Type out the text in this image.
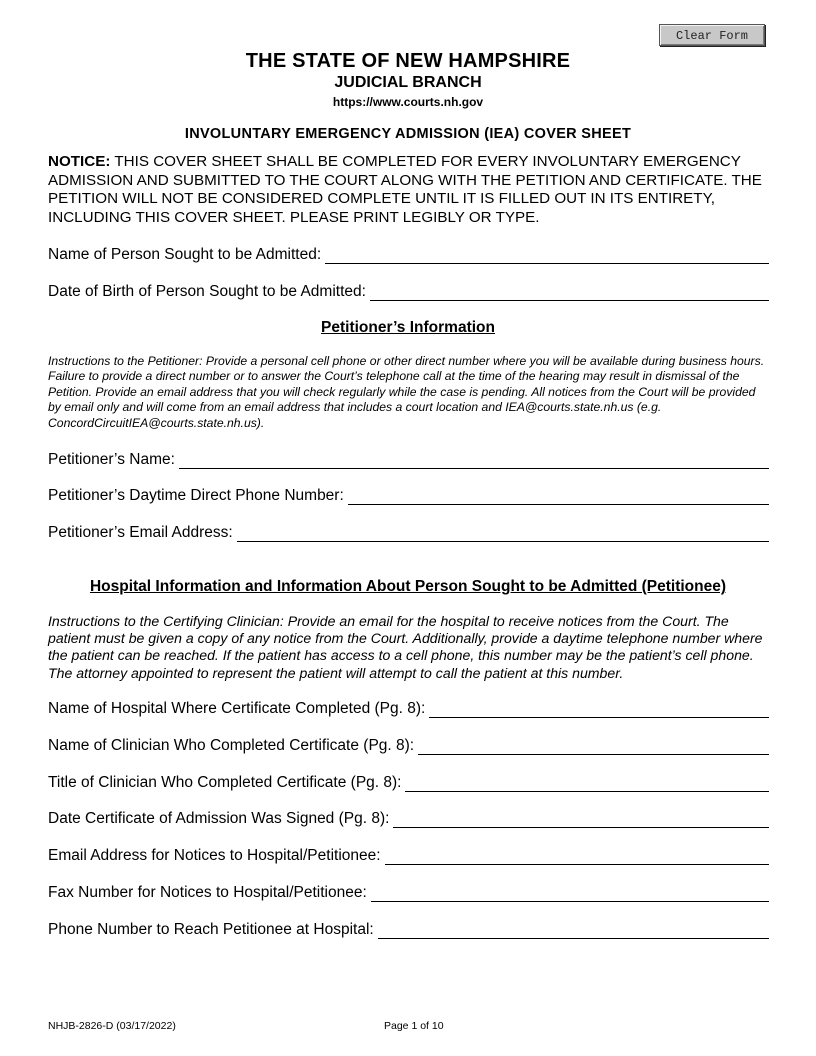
Clear Form
THE STATE OF NEW HAMPSHIRE
JUDICIAL BRANCH
https://www.courts.nh.gov
INVOLUNTARY EMERGENCY ADMISSION (IEA) COVER SHEET
NOTICE: THIS COVER SHEET SHALL BE COMPLETED FOR EVERY INVOLUNTARY EMERGENCY ADMISSION AND SUBMITTED TO THE COURT ALONG WITH THE PETITION AND CERTIFICATE. THE PETITION WILL NOT BE CONSIDERED COMPLETE UNTIL IT IS FILLED OUT IN ITS ENTIRETY, INCLUDING THIS COVER SHEET. PLEASE PRINT LEGIBLY OR TYPE.
Name of Person Sought to be Admitted:
Date of Birth of Person Sought to be Admitted:
Petitioner’s Information
Instructions to the Petitioner: Provide a personal cell phone or other direct number where you will be available during business hours. Failure to provide a direct number or to answer the Court’s telephone call at the time of the hearing may result in dismissal of the Petition. Provide an email address that you will check regularly while the case is pending. All notices from the Court will be provided by email only and will come from an email address that includes a court location and IEA@courts.state.nh.us (e.g. ConcordCircuitIEA@courts.state.nh.us).
Petitioner’s Name:
Petitioner’s Daytime Direct Phone Number:
Petitioner’s Email Address:
Hospital Information and Information About Person Sought to be Admitted (Petitionee)
Instructions to the Certifying Clinician: Provide an email for the hospital to receive notices from the Court. The patient must be given a copy of any notice from the Court. Additionally, provide a daytime telephone number where the patient can be reached. If the patient has access to a cell phone, this number may be the patient’s cell phone. The attorney appointed to represent the patient will attempt to call the patient at this number.
Name of Hospital Where Certificate Completed (Pg. 8):
Name of Clinician Who Completed Certificate (Pg. 8):
Title of Clinician Who Completed Certificate (Pg. 8):
Date Certificate of Admission Was Signed (Pg. 8):
Email Address for Notices to Hospital/Petitionee:
Fax Number for Notices to Hospital/Petitionee:
Phone Number to Reach Petitionee at Hospital:
NHJB-2826-D (03/17/2022)	Page 1 of 10
